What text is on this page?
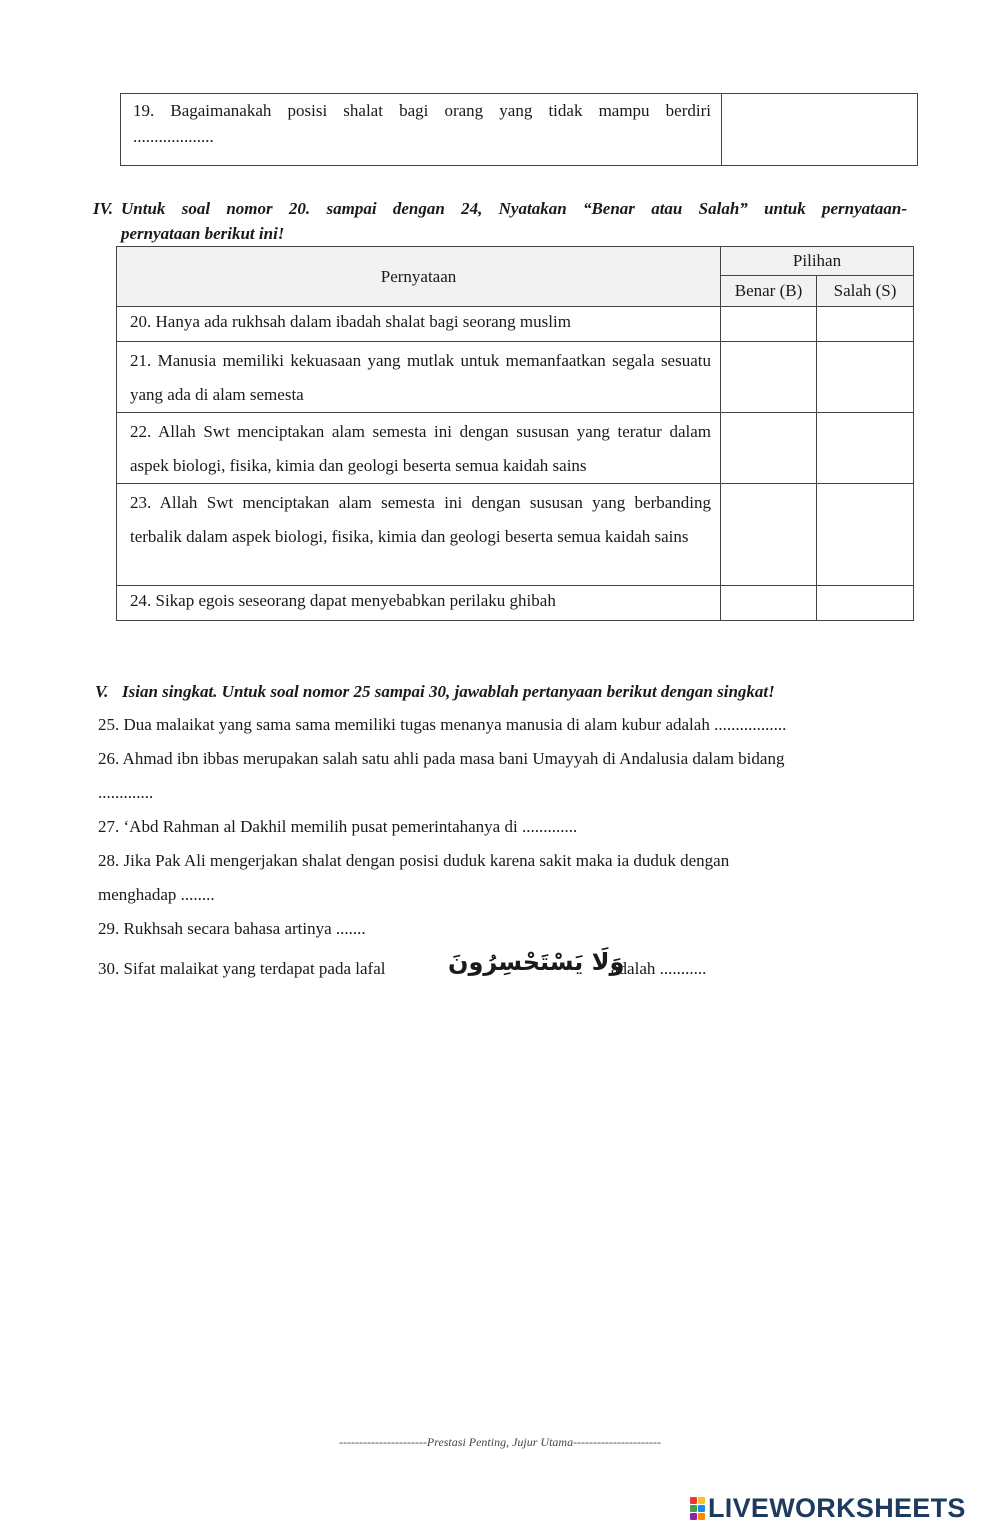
19. Bagaimanakah posisi shalat bagi orang yang tidak mampu berdiri
...................
IV. Untuk soal nomor 20. sampai dengan 24, Nyatakan “Benar atau Salah” untuk pernyataan-
pernyataan berikut ini!
Pernyataan	Pilihan	
	Benar (B)	Salah (S)

20. Hanya ada rukhsah dalam ibadah shalat bagi seorang muslim		

21. Manusia memiliki kekuasaan yang mutlak untuk memanfaatkan segala sesuatu yang ada di alam semesta		

22. Allah Swt menciptakan alam semesta ini dengan sususan yang teratur dalam aspek biologi, fisika, kimia dan geologi beserta semua kaidah sains		

23. Allah Swt menciptakan alam semesta ini dengan sususan yang berbanding terbalik dalam aspek biologi, fisika, kimia dan geologi beserta semua kaidah sains		

24. Sikap egois seseorang dapat menyebabkan perilaku ghibah		

V. Isian singkat. Untuk soal nomor 25 sampai 30, jawablah pertanyaan berikut dengan singkat!
25. Dua malaikat yang sama sama memiliki tugas menanya manusia di alam kubur adalah .................
26. Ahmad ibn ibbas merupakan salah satu ahli pada masa bani Umayyah di Andalusia dalam bidang
.............
27. ‘Abd Rahman al Dakhil memilih pusat pemerintahanya di .............
28. Jika Pak Ali mengerjakan shalat dengan posisi duduk karena sakit maka ia duduk dengan
menghadap ........
29. Rukhsah secara bahasa artinya .......
30. Sifat malaikat yang terdapat pada lafal	وَلَا يَسْتَحْسِرُونَ
adalah ...........
----------------------Prestasi Penting, Jujur Utama----------------------
LIVEWORKSHEETS
